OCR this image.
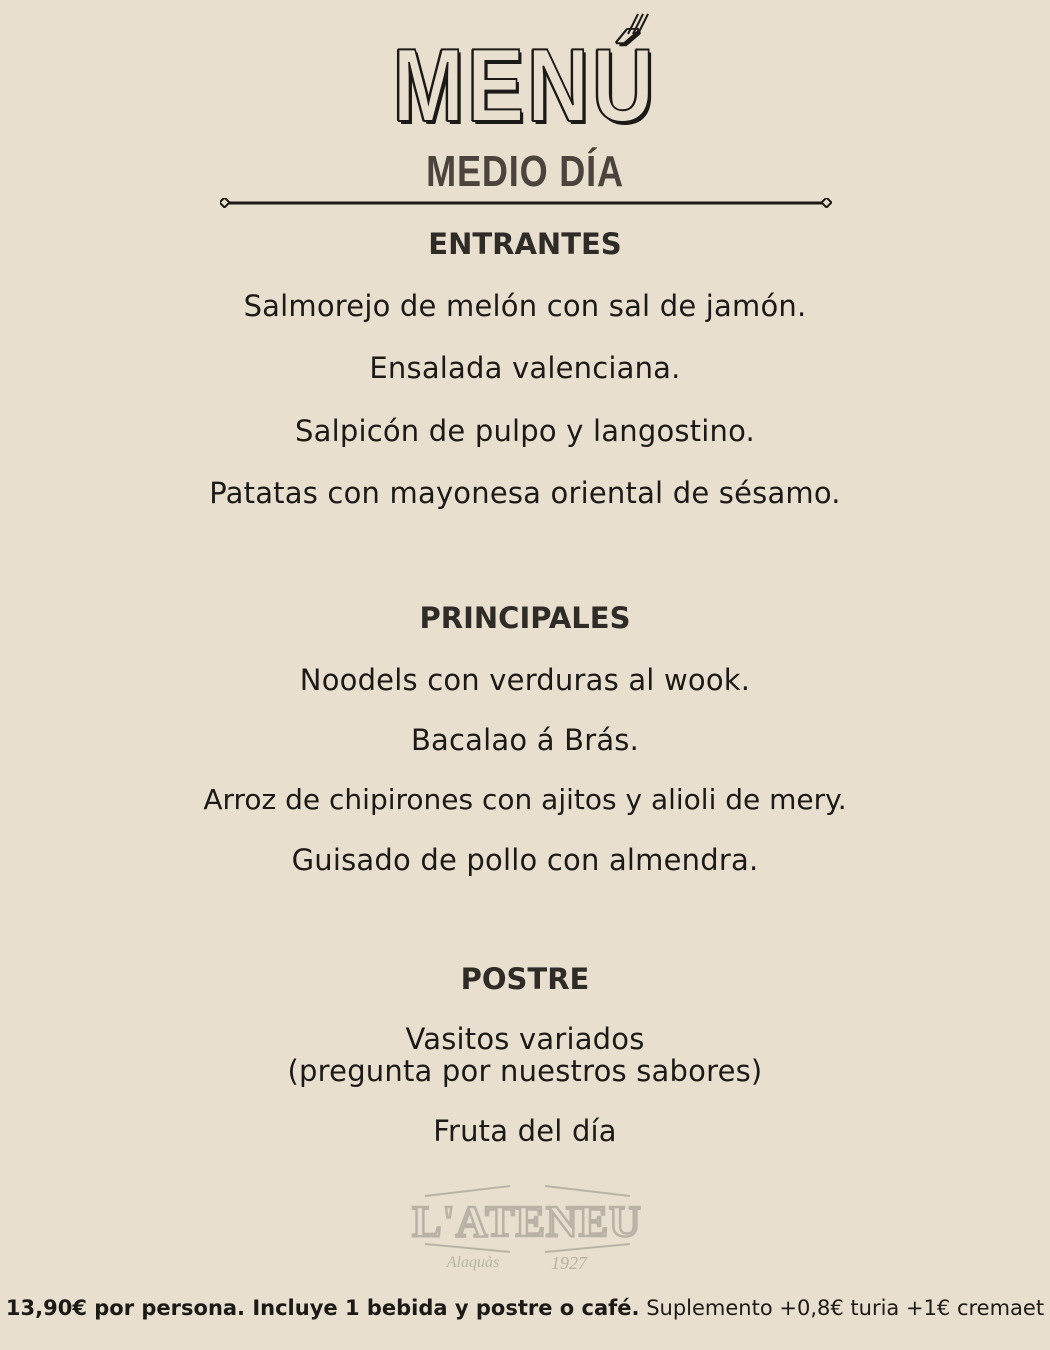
MENÚ
MEDIO DÍA
ENTRANTES
Salmorejo de melón con sal de jamón.
Ensalada valenciana.
Salpicón de pulpo y langostino.
Patatas con mayonesa oriental de sésamo.
PRINCIPALES
Noodels con verduras al wook.
Bacalao á Brás.
Arroz de chipirones con ajitos y alioli de mery.
Guisado de pollo con almendra.
POSTRE
Vasitos variados
(pregunta por nuestros sabores)
Fruta del día
L'ATENEU
Alaquàs	1927
13,90€ por persona. Incluye 1 bebida y postre o café. Suplemento +0,8€ turia +1€ cremaet
